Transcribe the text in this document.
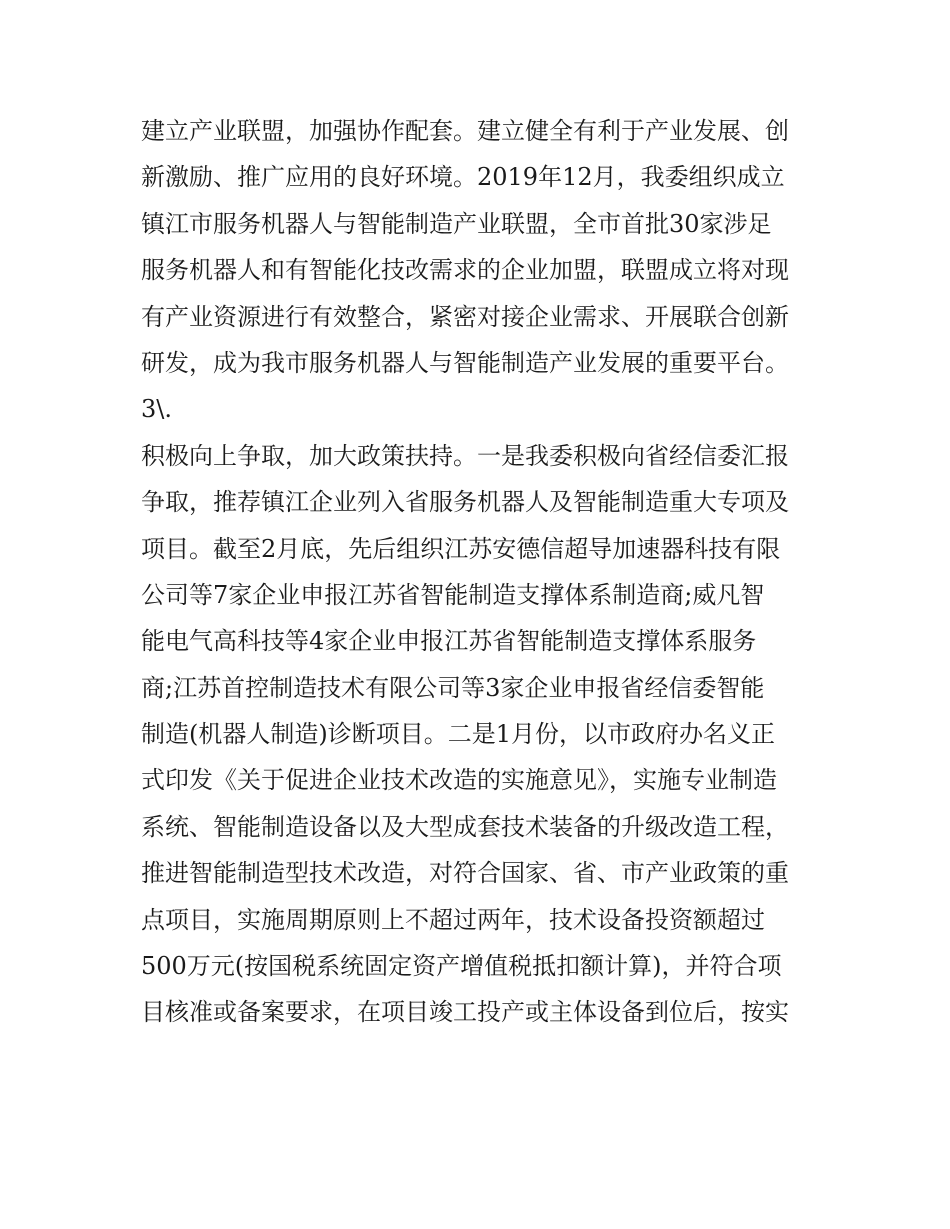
建立产业联盟，加强协作配套。建立健全有利于产业发展、创
新激励、推广应用的良好环境。2019年12月，我委组织成立
镇江市服务机器人与智能制造产业联盟，全市首批30家涉足
服务机器人和有智能化技改需求的企业加盟，联盟成立将对现
有产业资源进行有效整合，紧密对接企业需求、开展联合创新
研发，成为我市服务机器人与智能制造产业发展的重要平台。
3\.
积极向上争取，加大政策扶持。一是我委积极向省经信委汇报
争取，推荐镇江企业列入省服务机器人及智能制造重大专项及
项目。截至2月底，先后组织江苏安德信超导加速器科技有限
公司等7家企业申报江苏省智能制造支撑体系制造商;威凡智
能电气高科技等4家企业申报江苏省智能制造支撑体系服务
商;江苏首控制造技术有限公司等3家企业申报省经信委智能
制造(机器人制造)诊断项目。二是1月份，以市政府办名义正
式印发《关于促进企业技术改造的实施意见》，实施专业制造
系统、智能制造设备以及大型成套技术装备的升级改造工程，
推进智能制造型技术改造，对符合国家、省、市产业政策的重
点项目，实施周期原则上不超过两年，技术设备投资额超过
500万元(按国税系统固定资产增值税抵扣额计算)，并符合项
目核准或备案要求，在项目竣工投产或主体设备到位后，按实
